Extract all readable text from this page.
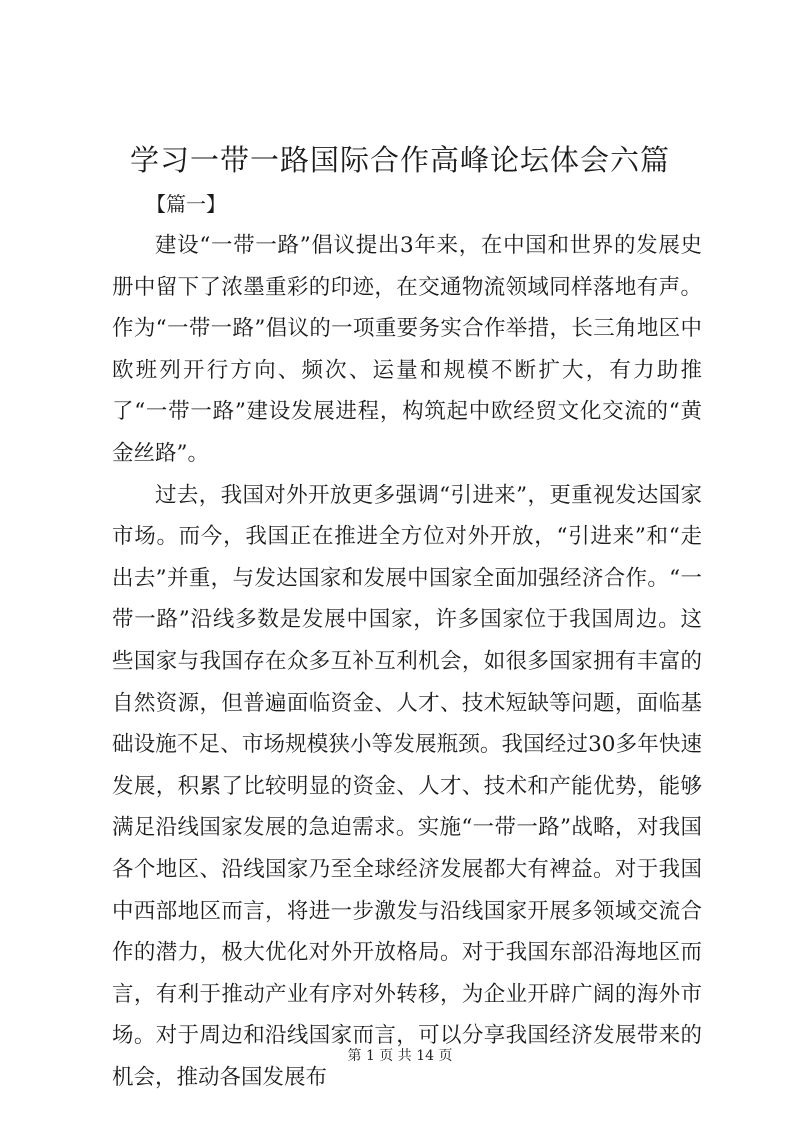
学习一带一路国际合作高峰论坛体会六篇
【篇一】

建设“一带一路”倡议提出3年来，在中国和世界的发展史册中留下了浓墨重彩的印迹，在交通物流领域同样落地有声。作为“一带一路”倡议的一项重要务实合作举措，长三角地区中欧班列开行方向、频次、运量和规模不断扩大，有力助推了“一带一路”建设发展进程，构筑起中欧经贸文化交流的“黄金丝路”。

过去，我国对外开放更多强调“引进来”，更重视发达国家市场。而今，我国正在推进全方位对外开放，“引进来”和“走出去”并重，与发达国家和发展中国家全面加强经济合作。“一带一路”沿线多数是发展中国家，许多国家位于我国周边。这些国家与我国存在众多互补互利机会，如很多国家拥有丰富的自然资源，但普遍面临资金、人才、技术短缺等问题，面临基础设施不足、市场规模狭小等发展瓶颈。我国经过30多年快速发展，积累了比较明显的资金、人才、技术和产能优势，能够满足沿线国家发展的急迫需求。实施“一带一路”战略，对我国各个地区、沿线国家乃至全球经济发展都大有裨益。对于我国中西部地区而言，将进一步激发与沿线国家开展多领域交流合作的潜力，极大优化对外开放格局。对于我国东部沿海地区而言，有利于推动产业有序对外转移，为企业开辟广阔的海外市场。对于周边和沿线国家而言，可以分享我国经济发展带来的机会，推动各国发展布

第 1 页 共 14 页
